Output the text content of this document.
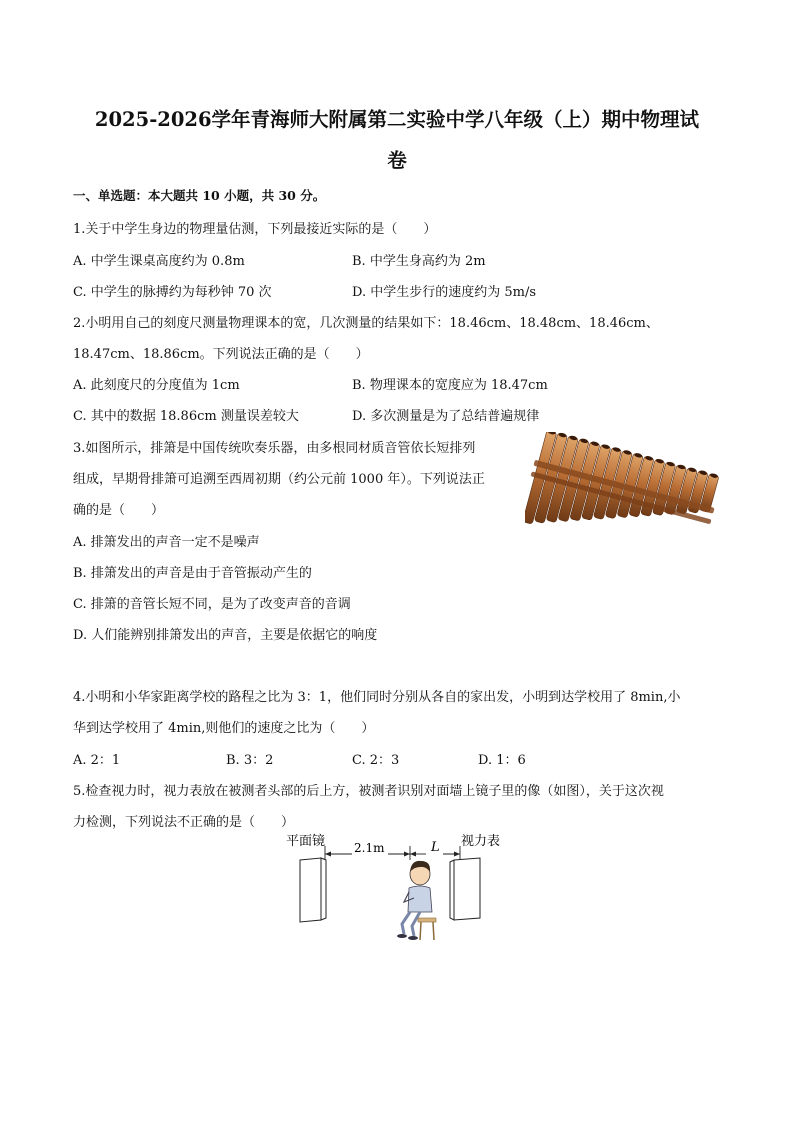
2025-2026学年青海师大附属第二实验中学八年级（上）期中物理试
卷
一、单选题：本大题共 10 小题，共 30 分。
1.关于中学生身边的物理量估测，下列最接近实际的是（　　）
A. 中学生课桌高度约为 0.8m	B. 中学生身高约为 2m
C. 中学生的脉搏约为每秒钟 70 次	D. 中学生步行的速度约为 5m/s
2.小明用自己的刻度尺测量物理课本的宽，几次测量的结果如下：18.46cm、18.48cm、18.46cm、
18.47cm、18.86cm。下列说法正确的是（　　）
A. 此刻度尺的分度值为 1cm	B. 物理课本的宽度应为 18.47cm
C. 其中的数据 18.86cm 测量误差较大	D. 多次测量是为了总结普遍规律
3.如图所示，排箫是中国传统吹奏乐器，由多根同材质音管依长短排列
组成，早期骨排箫可追溯至西周初期（约公元前 1000 年）。下列说法正
确的是（　　）
A. 排箫发出的声音一定不是噪声
B. 排箫发出的声音是由于音管振动产生的
C. 排箫的音管长短不同，是为了改变声音的音调
D. 人们能辨别排箫发出的声音，主要是依据它的响度
4.小明和小华家距离学校的路程之比为 3：1，他们同时分别从各自的家出发，小明到达学校用了 8min,小
华到达学校用了 4min,则他们的速度之比为（　　）
A. 2：1	B. 3：2	C. 2：3	D. 1：6
5.检查视力时，视力表放在被测者头部的后上方，被测者识别对面墙上镜子里的像（如图），关于这次视
力检测，下列说法不正确的是（　　）
平面镜 2.1m	L 视力表
